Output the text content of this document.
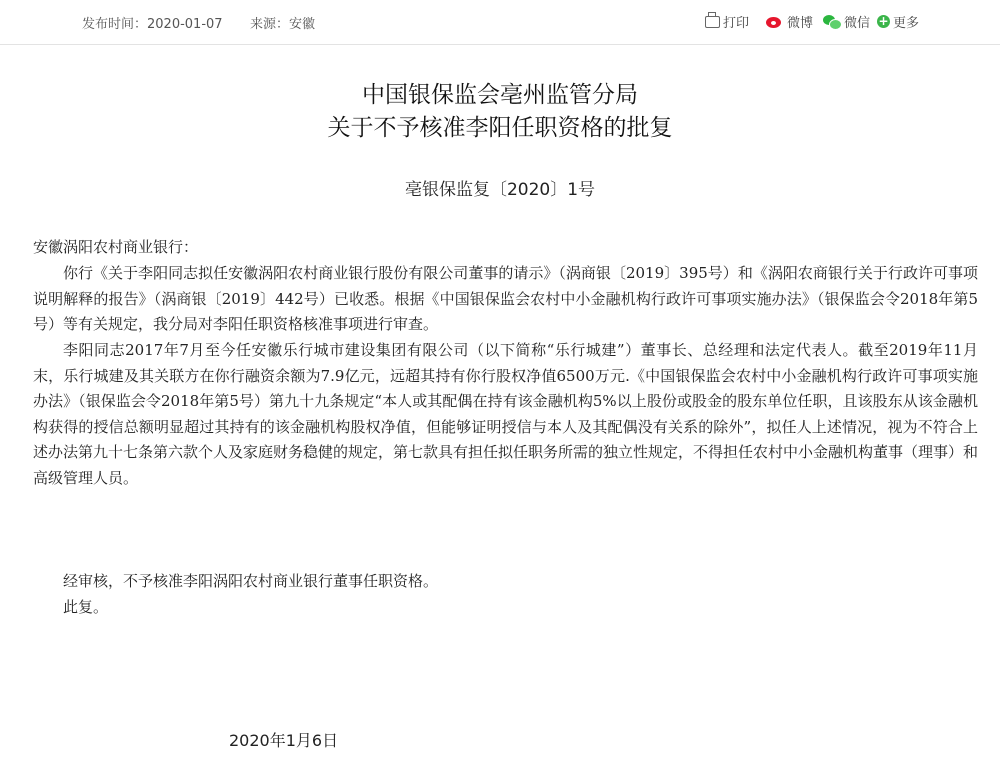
发布时间：2020-01-07 来源：安徽	打印	微博 微信 + 更多
中国银保监会亳州监管分局
关于不予核准李阳任职资格的批复
亳银保监复〔2020〕1号

安徽涡阳农村商业银行：

你行《关于李阳同志拟任安徽涡阳农村商业银行股份有限公司董事的请示》（涡商银〔2019〕395号）和《涡阳农商银行关于行政许可事项说明解释的报告》（涡商银〔2019〕442号）已收悉。根据《中国银保监会农村中小金融机构行政许可事项实施办法》（银保监会令2018年第5号）等有关规定，我分局对李阳任职资格核准事项进行审查。

李阳同志2017年7月至今任安徽乐行城市建设集团有限公司（以下简称“乐行城建”）董事长、总经理和法定代表人。截至2019年11月末，乐行城建及其关联方在你行融资余额为7.9亿元，远超其持有你行股权净值6500万元.《中国银保监会农村中小金融机构行政许可事项实施办法》（银保监会令2018年第5号）第九十九条规定“本人或其配偶在持有该金融机构5%以上股份或股金的股东单位任职，且该股东从该金融机构获得的授信总额明显超过其持有的该金融机构股权净值，但能够证明授信与本人及其配偶没有关系的除外”，拟任人上述情况，视为不符合上述办法第九十七条第六款个人及家庭财务稳健的规定，第七款具有担任拟任职务所需的独立性规定，不得担任农村中小金融机构董事（理事）和高级管理人员。

经审核，不予核准李阳涡阳农村商业银行董事任职资格。

此复。

2020年1月6日
